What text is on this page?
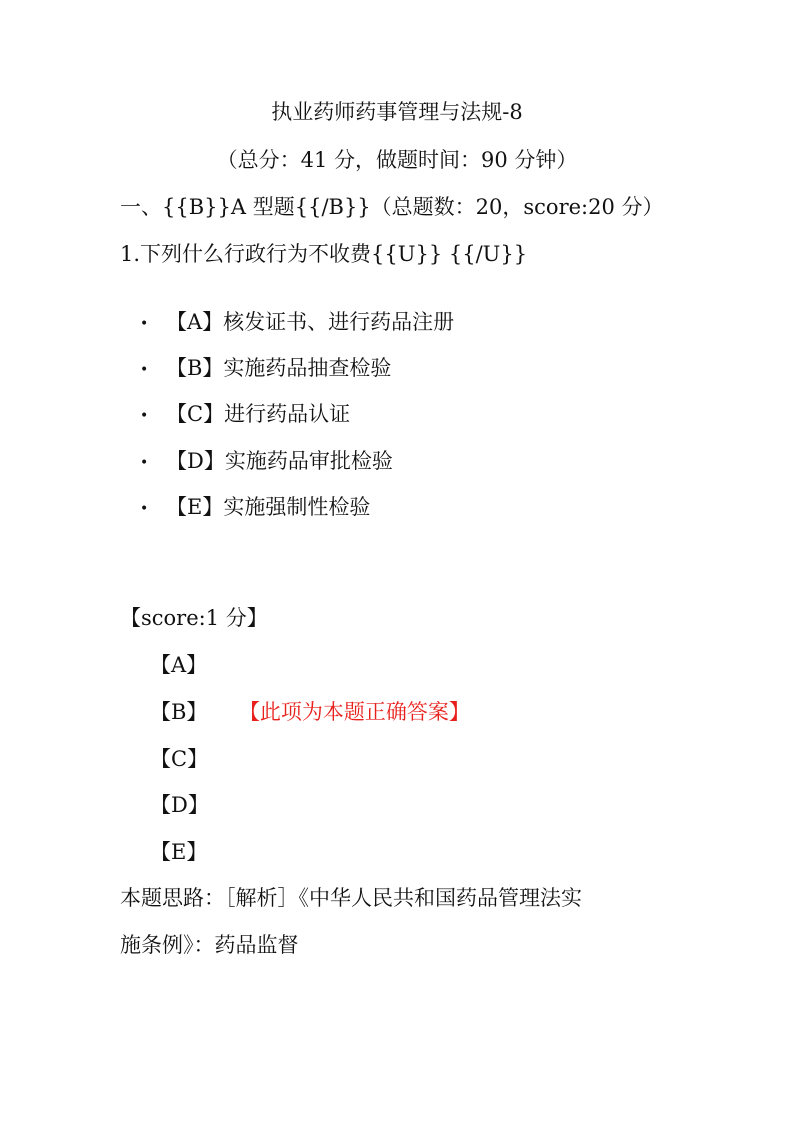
执业药师药事管理与法规-8
（总分：41 分，做题时间：90 分钟）
一、{{B}}A 型题{{/B}}（总题数：20，score:20 分）
1.下列什么行政行为不收费{{U}} {{/U}}
• 【A】核发证书、进行药品注册
• 【B】实施药品抽查检验
• 【C】进行药品认证
• 【D】实施药品审批检验
• 【E】实施强制性检验
【score:1 分】
【A】
【B】 【此项为本题正确答案】
【C】
【D】
【E】
本题思路：［解析］《中华人民共和国药品管理法实
施条例》：药品监督
